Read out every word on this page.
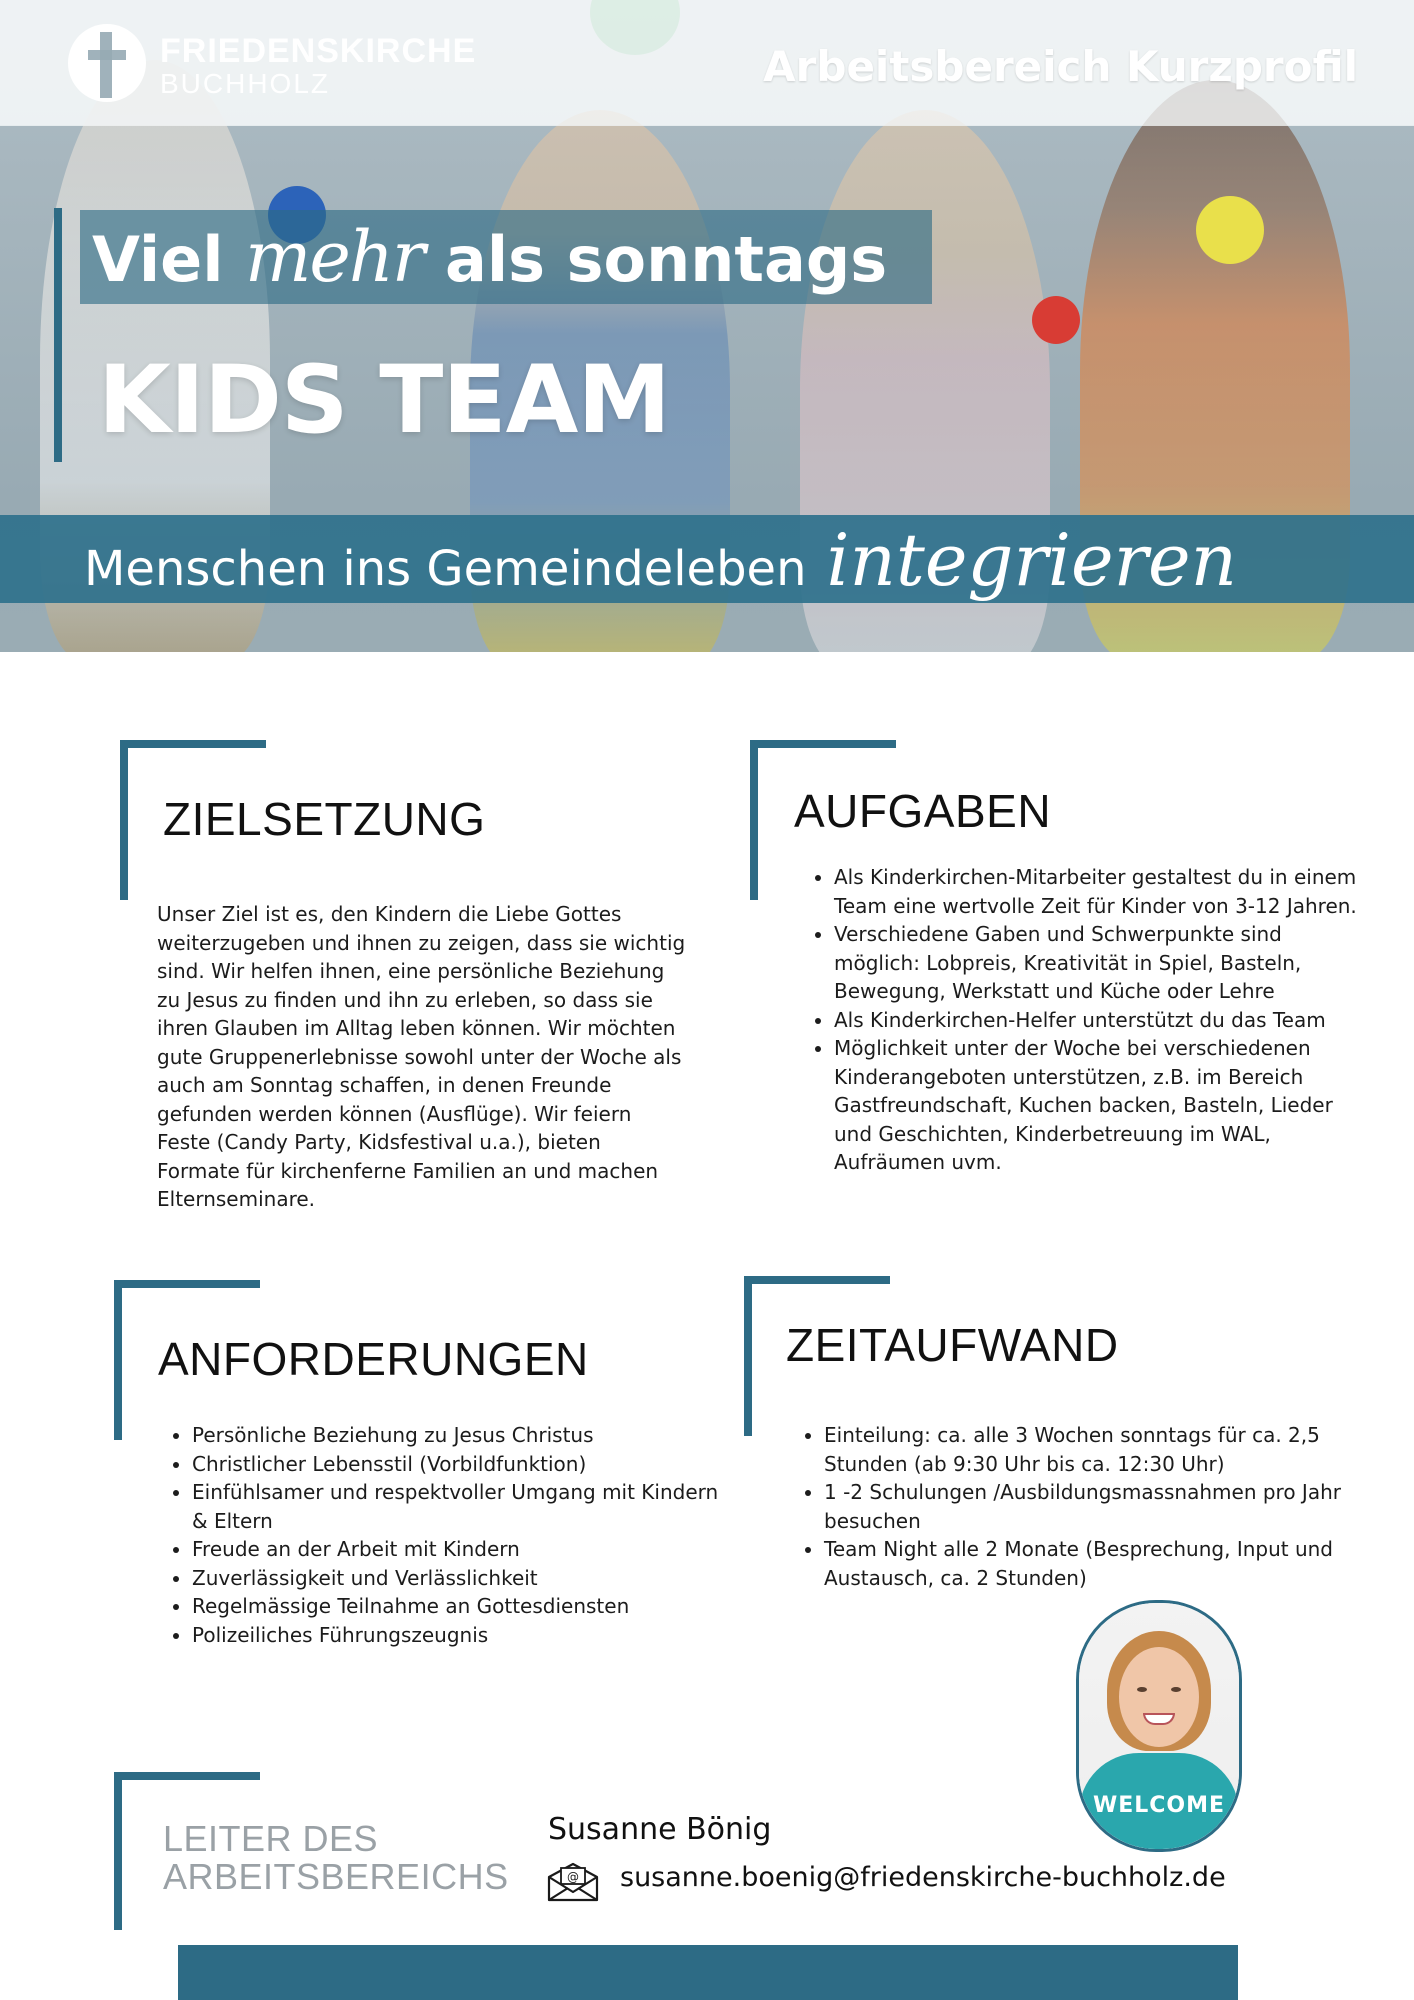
FRIEDENSKIRCHE
BUCHHOLZ	Arbeitsbereich Kurzprofil
Viel mehr als sonntags
KIDS TEAM
Menschen ins Gemeindeleben integrieren
ZIELSETZUNG
Unser Ziel ist es, den Kindern die Liebe Gottes weiterzugeben und ihnen zu zeigen, dass sie wichtig sind. Wir helfen ihnen, eine persönliche Beziehung zu Jesus zu finden und ihn zu erleben, so dass sie ihren Glauben im Alltag leben können. Wir möchten gute Gruppenerlebnisse sowohl unter der Woche als auch am Sonntag schaffen, in denen Freunde gefunden werden können (Ausflüge). Wir feiern Feste (Candy Party, Kidsfestival u.a.), bieten Formate für kirchenferne Familien an und machen Elternseminare.
AUFGABEN
• Als Kinderkirchen-Mitarbeiter gestaltest du in einem Team eine wertvolle Zeit für Kinder von 3-12 Jahren.
• Verschiedene Gaben und Schwerpunkte sind möglich: Lobpreis, Kreativität in Spiel, Basteln, Bewegung, Werkstatt und Küche oder Lehre
• Als Kinderkirchen-Helfer unterstützt du das Team
• Möglichkeit unter der Woche bei verschiedenen Kinderangeboten unterstützen, z.B. im Bereich Gastfreundschaft, Kuchen backen, Basteln, Lieder und Geschichten, Kinderbetreuung im WAL, Aufräumen uvm.
ANFORDERUNGEN
• Persönliche Beziehung zu Jesus Christus
• Christlicher Lebensstil (Vorbildfunktion)
• Einfühlsamer und respektvoller Umgang mit Kindern & Eltern
• Freude an der Arbeit mit Kindern
• Zuverlässigkeit und Verlässlichkeit
• Regelmässige Teilnahme an Gottesdiensten
• Polizeiliches Führungszeugnis
ZEITAUFWAND
• Einteilung: ca. alle 3 Wochen sonntags für ca. 2,5 Stunden (ab 9:30 Uhr bis ca. 12:30 Uhr)
• 1 -2 Schulungen /Ausbildungsmassnahmen pro Jahr besuchen
• Team Night alle 2 Monate (Besprechung, Input und Austausch, ca. 2 Stunden)
WELCOME
LEITER DES
ARBEITSBEREICHS
Susanne Bönig
@ susanne.boenig@friedenskirche-buchholz.de
